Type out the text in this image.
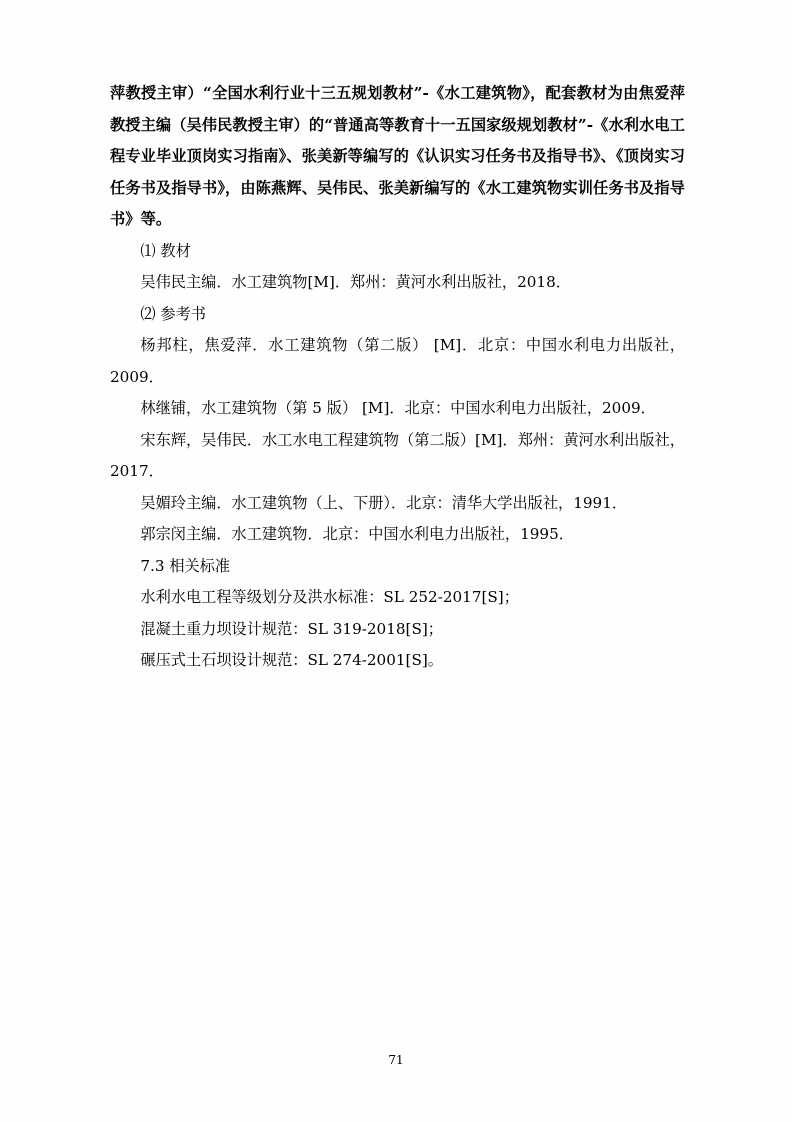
萍教授主审）“全国水利行业十三五规划教材”-《水工建筑物》，配套教材为由焦爱萍教授主编（吴伟民教授主审）的“普通高等教育十一五国家级规划教材”-《水利水电工程专业毕业顶岗实习指南》、张美新等编写的《认识实习任务书及指导书》、《顶岗实习任务书及指导书》，由陈燕辉、吴伟民、张美新编写的《水工建筑物实训任务书及指导书》等。

⑴ 教材

吴伟民主编．水工建筑物[M]．郑州：黄河水利出版社，2018．

⑵ 参考书

杨邦柱，焦爱萍．水工建筑物（第二版） [M]．北京：中国水利电力出版社，2009．

林继铺，水工建筑物（第 5 版） [M]．北京：中国水利电力出版社，2009．

宋东辉，吴伟民．水工水电工程建筑物（第二版）[M]．郑州：黄河水利出版社，2017．

吴媚玲主编．水工建筑物（上、下册）．北京：清华大学出版社，1991．

郭宗闵主编．水工建筑物．北京：中国水利电力出版社，1995．

7.3 相关标准

水利水电工程等级划分及洪水标准：SL 252-2017[S]；

混凝土重力坝设计规范：SL 319-2018[S]；

碾压式土石坝设计规范：SL 274-2001[S]。

71
